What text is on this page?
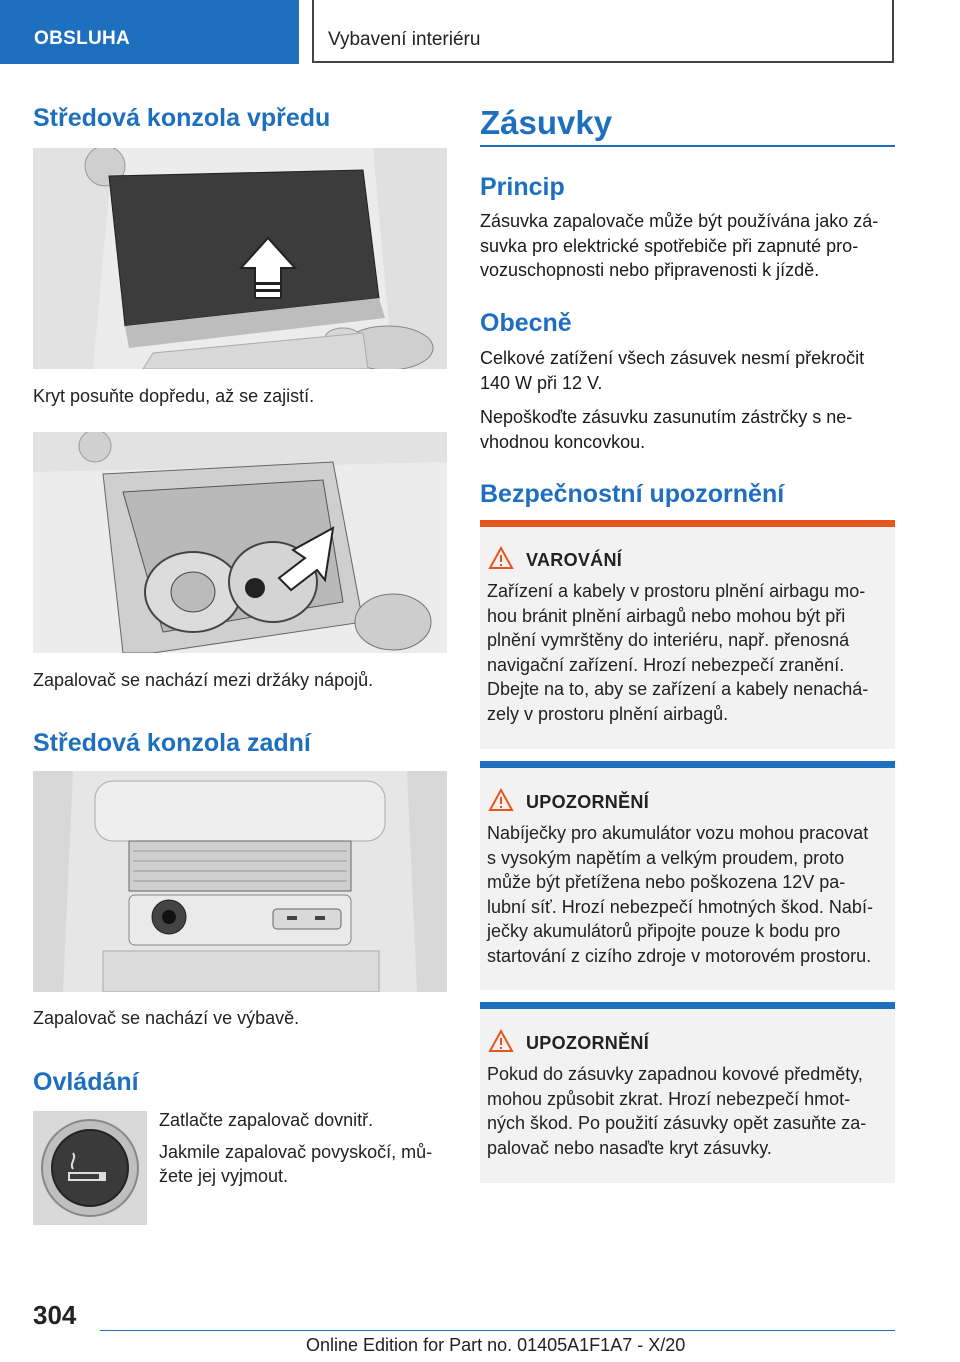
OBSLUHA	Vybavení interiéru
Středová konzola vpředu

Kryt posuňte dopředu, až se zajistí.

Zapalovač se nachází mezi držáky nápojů.

Středová konzola zadní

Zapalovač se nachází ve výbavě.

Ovládání

Zatlačte zapalovač dovnitř.

Jakmile zapalovač povyskočí, mů-

žete jej vyjmout.

Zásuvky
Princip
Zásuvka zapalovače může být používána jako zá-
suvka pro elektrické spotřebiče při zapnuté pro-
vozuschopnosti nebo připravenosti k jízdě.
Obecně
Celkové zatížení všech zásuvek nesmí překročit
140 W při 12 V.
Nepoškoďte zásuvku zasunutím zástrčky s ne-
vhodnou koncovkou.
Bezpečnostní upozornění
VAROVÁNÍ
Zařízení a kabely v prostoru plnění airbagu mo-
hou bránit plnění airbagů nebo mohou být při
plnění vymrštěny do interiéru, např. přenosná
navigační zařízení. Hrozí nebezpečí zranění.
Dbejte na to, aby se zařízení a kabely nenachá-
zely v prostoru plnění airbagů.
UPOZORNĚNÍ
Nabíječky pro akumulátor vozu mohou pracovat
s vysokým napětím a velkým proudem, proto
může být přetížena nebo poškozena 12V pa-
lubní síť. Hrozí nebezpečí hmotných škod. Nabí-
ječky akumulátorů připojte pouze k bodu pro
startování z cizího zdroje v motorovém prostoru.
UPOZORNĚNÍ
Pokud do zásuvky zapadnou kovové předměty,
mohou způsobit zkrat. Hrozí nebezpečí hmot-
ných škod. Po použití zásuvky opět zasuňte za-
palovač nebo nasaďte kryt zásuvky.
304
Online Edition for Part no. 01405A1F1A7 - X/20
